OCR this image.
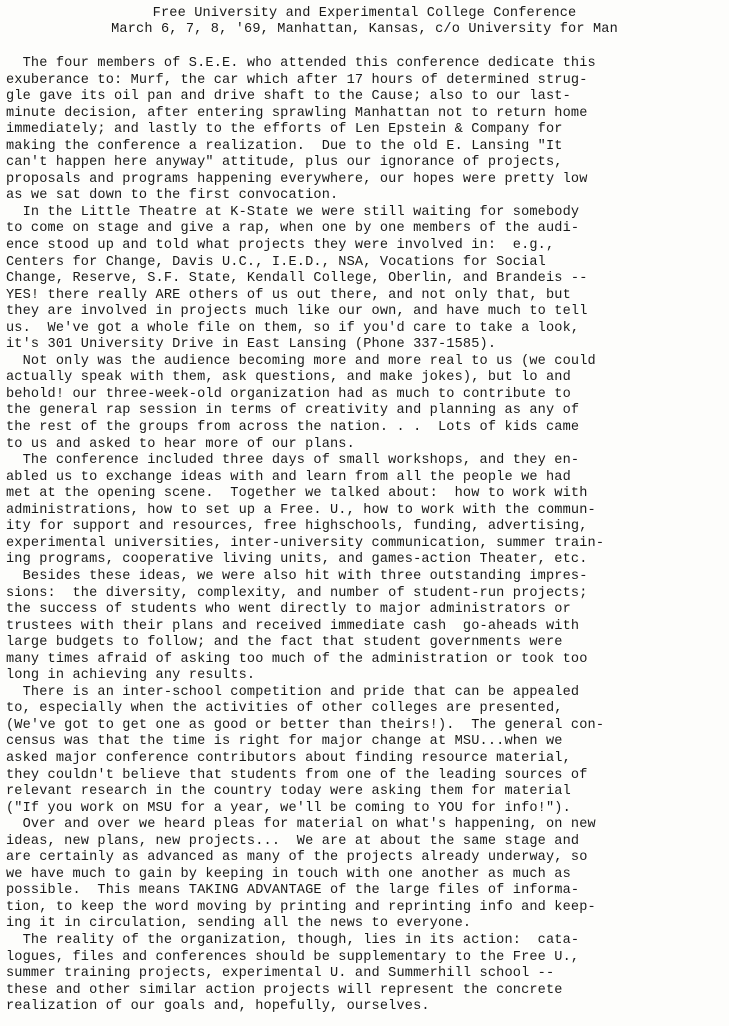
Free University and Experimental College Conference
March 6, 7, 8, '69, Manhattan, Kansas, c/o University for Man
The four members of S.E.E. who attended this conference dedicate this
exuberance to: Murf, the car which after 17 hours of determined strug-
gle gave its oil pan and drive shaft to the Cause; also to our last-
minute decision, after entering sprawling Manhattan not to return home
immediately; and lastly to the efforts of Len Epstein & Company for
making the conference a realization.  Due to the old E. Lansing "It
can't happen here anyway" attitude, plus our ignorance of projects,
proposals and programs happening everywhere, our hopes were pretty low
as we sat down to the first convocation.
In the Little Theatre at K-State we were still waiting for somebody
to come on stage and give a rap, when one by one members of the audi-
ence stood up and told what projects they were involved in:  e.g.,
Centers for Change, Davis U.C., I.E.D., NSA, Vocations for Social
Change, Reserve, S.F. State, Kendall College, Oberlin, and Brandeis --
YES! there really ARE others of us out there, and not only that, but
they are involved in projects much like our own, and have much to tell
us.  We've got a whole file on them, so if you'd care to take a look,
it's 301 University Drive in East Lansing (Phone 337-1585).
Not only was the audience becoming more and more real to us (we could
actually speak with them, ask questions, and make jokes), but lo and
behold! our three-week-old organization had as much to contribute to
the general rap session in terms of creativity and planning as any of
the rest of the groups from across the nation. . .  Lots of kids came
to us and asked to hear more of our plans.
The conference included three days of small workshops, and they en-
abled us to exchange ideas with and learn from all the people we had
met at the opening scene.  Together we talked about:  how to work with
administrations, how to set up a Free. U., how to work with the commun-
ity for support and resources, free highschools, funding, advertising,
experimental universities, inter-university communication, summer train-
ing programs, cooperative living units, and games-action Theater, etc.
Besides these ideas, we were also hit with three outstanding impres-
sions:  the diversity, complexity, and number of student-run projects;
the success of students who went directly to major administrators or
trustees with their plans and received immediate cash  go-aheads with
large budgets to follow; and the fact that student governments were
many times afraid of asking too much of the administration or took too
long in achieving any results.
There is an inter-school competition and pride that can be appealed
to, especially when the activities of other colleges are presented,
(We've got to get one as good or better than theirs!).  The general con-
census was that the time is right for major change at MSU...when we
asked major conference contributors about finding resource material,
they couldn't believe that students from one of the leading sources of
relevant research in the country today were asking them for material
("If you work on MSU for a year, we'll be coming to YOU for info!").
Over and over we heard pleas for material on what's happening, on new
ideas, new plans, new projects...  We are at about the same stage and
are certainly as advanced as many of the projects already underway, so
we have much to gain by keeping in touch with one another as much as
possible.  This means TAKING ADVANTAGE of the large files of informa-
tion, to keep the word moving by printing and reprinting info and keep-
ing it in circulation, sending all the news to everyone.
The reality of the organization, though, lies in its action:  cata-
logues, files and conferences should be supplementary to the Free U.,
summer training projects, experimental U. and Summerhill school --
these and other similar action projects will represent the concrete
realization of our goals and, hopefully, ourselves.
